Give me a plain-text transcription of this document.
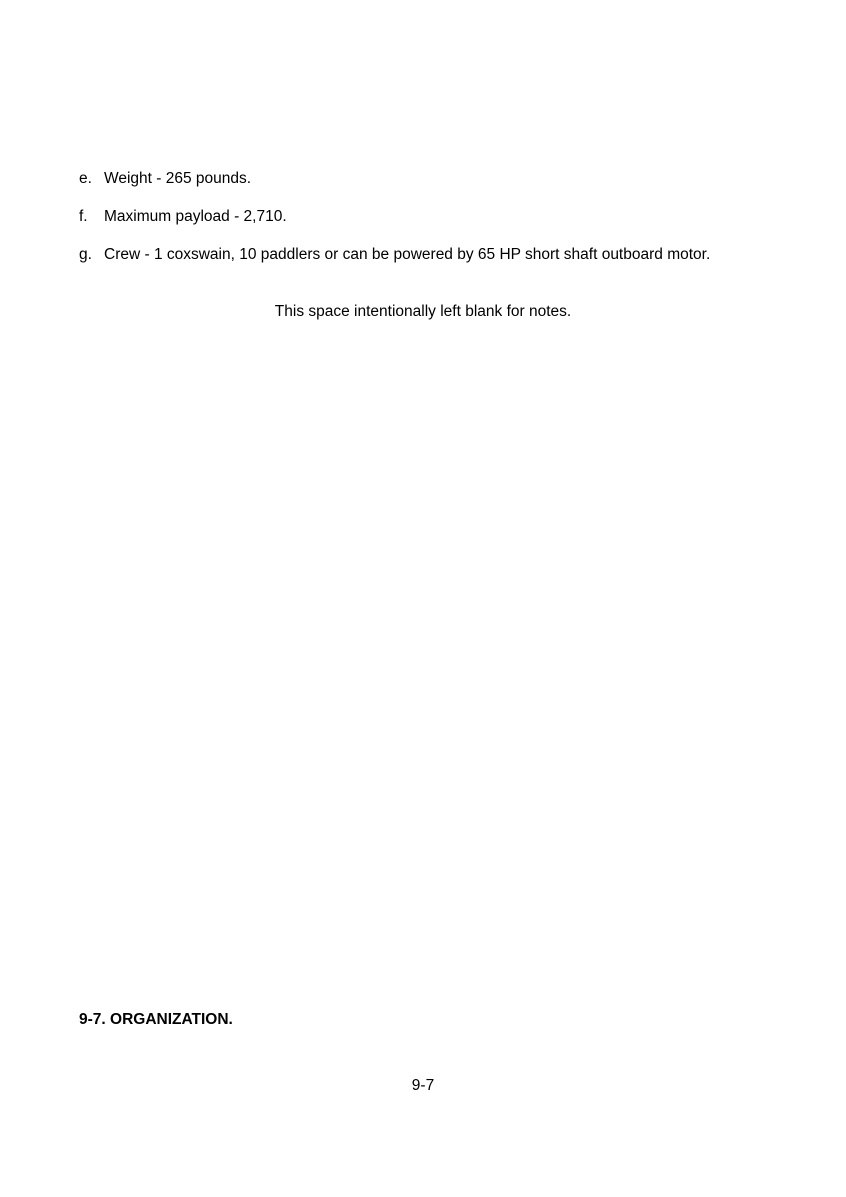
e. Weight - 265 pounds.
f.	Maximum payload - 2,710.
g. Crew - 1 coxswain, 10 paddlers or can be powered by 65 HP short shaft outboard motor.
This space intentionally left blank for notes.
9-7. ORGANIZATION.
9-7
